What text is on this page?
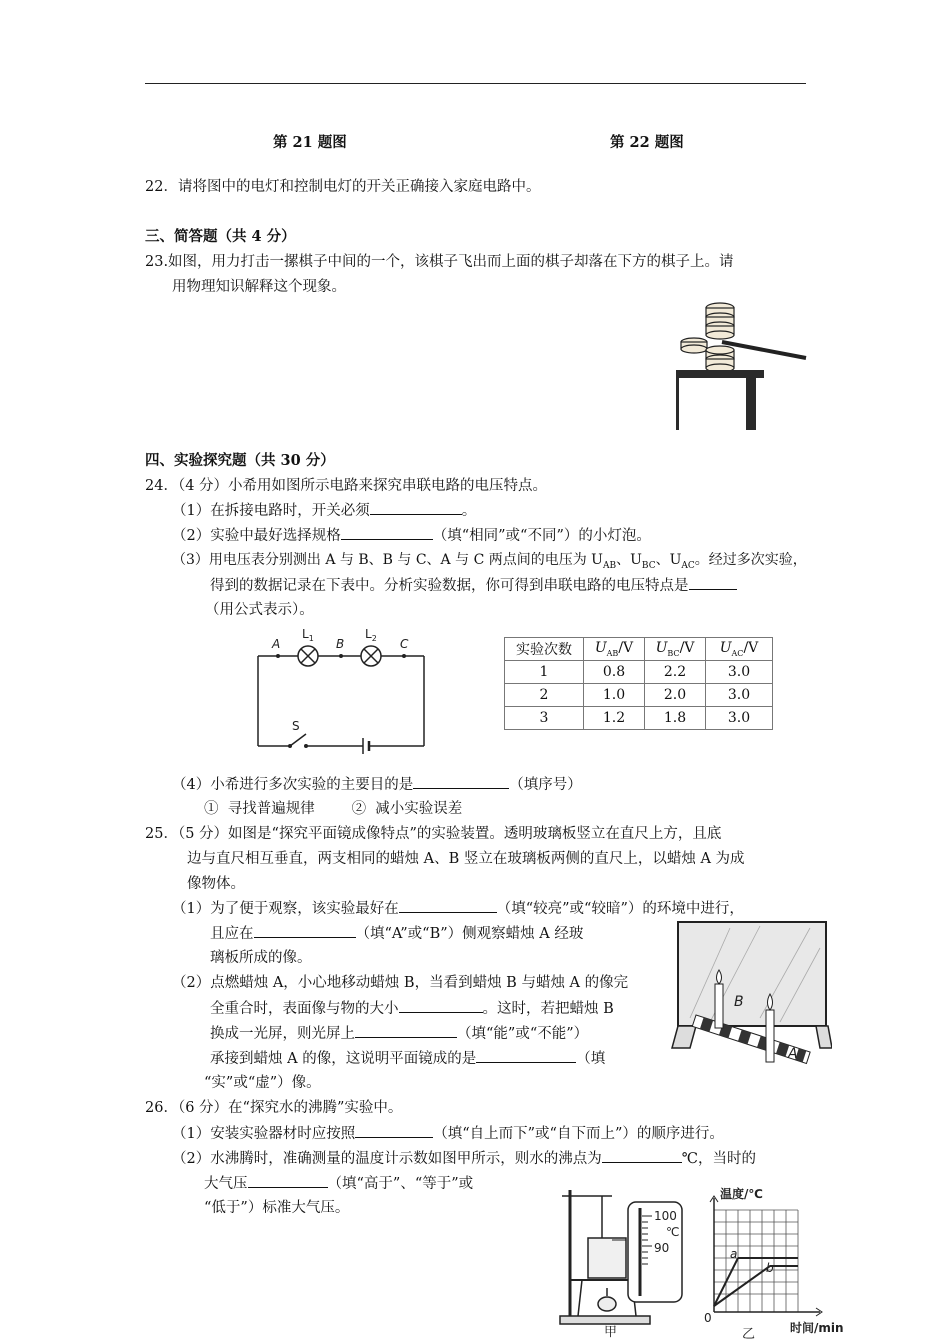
第 21 题图	第 22 题图
22．请将图中的电灯和控制电灯的开关正确接入家庭电路中。
三、简答题（共 4 分）
23.如图，用力打击一摞棋子中间的一个，该棋子飞出而上面的棋子却落在下方的棋子上。请
用物理知识解释这个现象。
四、实验探究题（共 30 分）
24．（4 分）小希用如图所示电路来探究串联电路的电压特点。
（1）在拆接电路时，开关必须	。
（2）实验中最好选择规格	（填“相同”或“不同”）的小灯泡。
（3）用电压表分别测出 A 与 B、B 与 C、A 与 C 两点间的电压为 $U_{AB}$、$U_{BC}$、$U_{AC}$。经过多次实验，
得到的数据记录在下表中。分析实验数据，你可得到串联电路的电压特点是
（用公式表示）。
A	B	C
$L_1$	$L_2$
S
实验次数	$U_{AB}/V$	$U_{BC}/V$	$U_{AC}/V$
1	0.8	2.2	3.0
2	1.0	2.0	3.0
3	1.2	1.8	3.0
（4）小希进行多次实验的主要目的是	（填序号）
①  寻找普遍规律        ②  减小实验误差
25．（5 分）如图是“探究平面镜成像特点”的实验装置。透明玻璃板竖立在直尺上方，且底
边与直尺相互垂直，两支相同的蜡烛 A、B 竖立在玻璃板两侧的直尺上，以蜡烛 A 为成
像物体。
（1）为了便于观察，该实验最好在	（填“较亮”或“较暗”）的环境中进行，
且应在	（填“A”或“B”）侧观察蜡烛 A 经玻
璃板所成的像。
（2）点燃蜡烛 A，小心地移动蜡烛 B，当看到蜡烛 B 与蜡烛 A 的像完
全重合时，表面像与物的大小	。这时，若把蜡烛 B
换成一光屏，则光屏上	（填“能”或“不能”）
承接到蜡烛 A 的像，这说明平面镜成的是	（填
“实”或“虚”）像。
B
A
26．（6 分）在“探究水的沸腾”实验中。
（1）安装实验器材时应按照	（填“自上而下”或“自下而上”）的顺序进行。
（2）水沸腾时，准确测量的温度计示数如图甲所示，则水的沸点为	℃，当时的
大气压	（填“高于”、“等于”或
“低于”）标准大气压。	100
90
℃
甲
温度/℃
时间/min
0
a
b
乙
